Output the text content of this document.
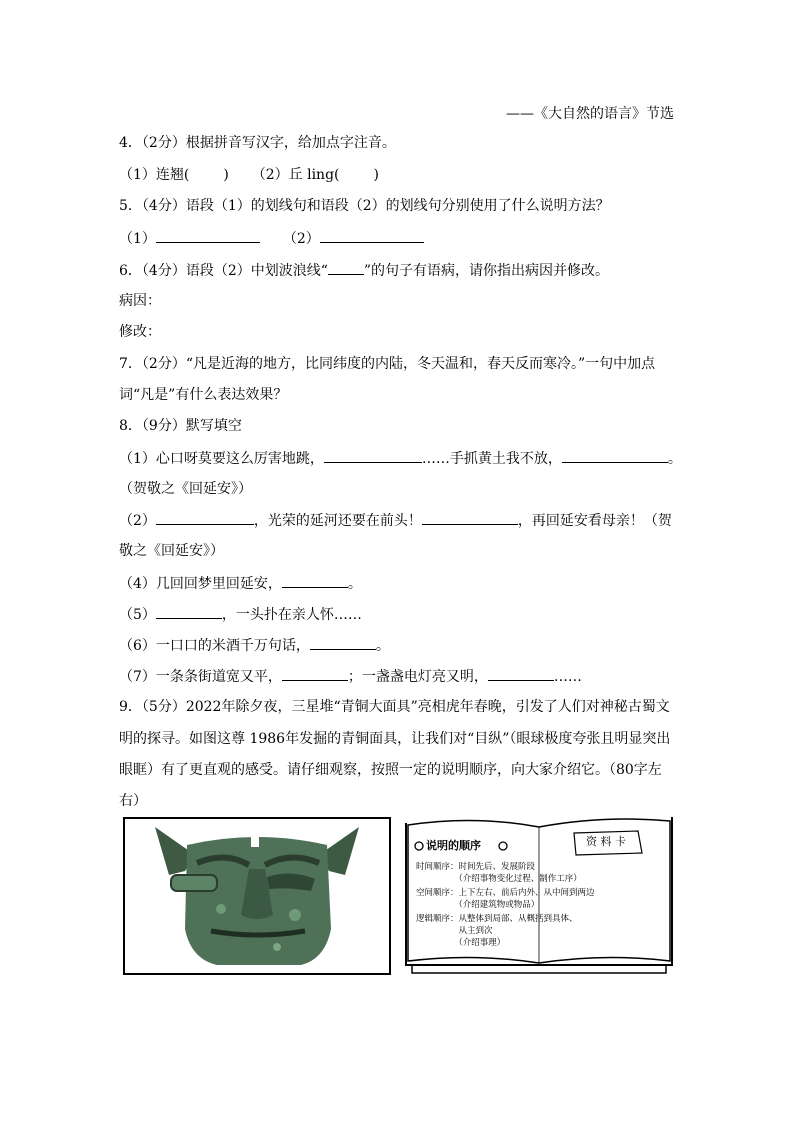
——《大自然的语言》节选
4．（2分）根据拼音写汉字，给加点字注音。
（1）连翘( ) （2）丘 ling( )
5．（4分）语段（1）的划线句和语段（2）的划线句分别使用了什么说明方法？
（1）	（2）
6．（4分）语段（2）中划波浪线“	”的句子有语病，请你指出病因并修改。
病因：
修改：
7．（2分）“凡是近海的地方，比同纬度的内陆，冬天温和，春天反而寒冷。”一句中加点
词“凡是”有什么表达效果？
8．（9分）默写填空
（1）心口呀莫要这么厉害地跳，	……手抓黄土我不放，	。
（贺敬之《回延安》）
（2）	，光荣的延河还要在前头！	，再回延安看母亲！（贺
敬之《回延安》）
（4）几回回梦里回延安，	。
（5）	，一头扑在亲人怀……
（6）一口口的米酒千万句话，	。
（7）一条条街道宽又平，	；一盏盏电灯亮又明，	……
9．（5分）2022年除夕夜，三星堆“青铜大面具”亮相虎年春晚，引发了人们对神秘古蜀文
明的探寻。如图这尊 1986年发掘的青铜面具，让我们对“目纵”（眼球极度夸张且明显突出
眼眶）有了更直观的感受。请仔细观察，按照一定的说明顺序，向大家介绍它。（80字左
右）
说明的顺序	资 料 卡
时间顺序：时间先后、发展阶段
　　　　　（介绍事物变化过程、制作工序）
空间顺序：上下左右、前后内外、从中间到两边
　　　　　（介绍建筑物或物品）
逻辑顺序：从整体到局部、从概括到具体、
　　　　　从主到次
　　　　　（介绍事理）
